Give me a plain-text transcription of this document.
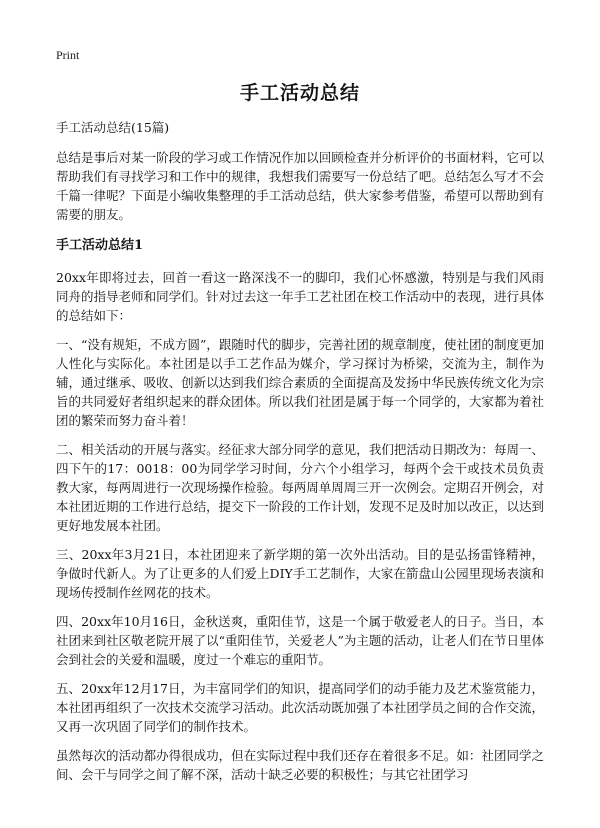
Print
手工活动总结

手工活动总结(15篇)

总结是事后对某一阶段的学习或工作情况作加以回顾检查并分析评价的书面材料，它可以帮助我们有寻找学习和工作中的规律，我想我们需要写一份总结了吧。总结怎么写才不会千篇一律呢？下面是小编收集整理的手工活动总结，供大家参考借鉴，希望可以帮助到有需要的朋友。

手工活动总结1

20xx年即将过去，回首一看这一路深浅不一的脚印，我们心怀感激，特别是与我们风雨同舟的指导老师和同学们。针对过去这一年手工艺社团在校工作活动中的表现，进行具体的总结如下：

一、“没有规矩，不成方圆”，跟随时代的脚步，完善社团的规章制度，使社团的制度更加人性化与实际化。本社团是以手工艺作品为媒介，学习探讨为桥梁，交流为主，制作为辅，通过继承、吸收、创新以达到我们综合素质的全面提高及发扬中华民族传统文化为宗旨的共同爱好者组织起来的群众团体。所以我们社团是属于每一个同学的，大家都为着社团的繁荣而努力奋斗着！

二、相关活动的开展与落实。经征求大部分同学的意见，我们把活动日期改为：每周一、四下午的17：0018：00为同学学习时间，分六个小组学习，每两个会干或技术员负责教大家，每两周进行一次现场操作检验。每两周单周周三开一次例会。定期召开例会，对本社团近期的工作进行总结，提交下一阶段的工作计划，发现不足及时加以改正，以达到更好地发展本社团。

三、20xx年3月21日，本社团迎来了新学期的第一次外出活动。目的是弘扬雷锋精神，争做时代新人。为了让更多的人们爱上DIY手工艺制作，大家在箭盘山公园里现场表演和现场传授制作丝网花的技术。

四、20xx年10月16日，金秋送爽，重阳佳节，这是一个属于敬爱老人的日子。当日，本社团来到社区敬老院开展了以“重阳佳节，关爱老人”为主题的活动，让老人们在节日里体会到社会的关爱和温暖，度过一个难忘的重阳节。

五、20xx年12月17日，为丰富同学们的知识，提高同学们的动手能力及艺术鉴赏能力，本社团再组织了一次技术交流学习活动。此次活动既加强了本社团学员之间的合作交流，又再一次巩固了同学们的制作技术。

虽然每次的活动都办得很成功，但在实际过程中我们还存在着很多不足。如：社团同学之间、会干与同学之间了解不深，活动十缺乏必要的积极性；与其它社团学习
